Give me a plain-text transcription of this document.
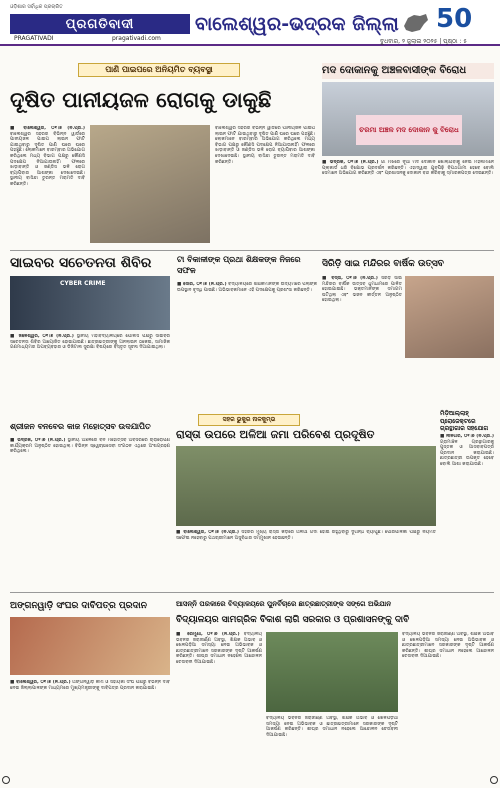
ଓଡ଼ିଶାର ସର୍ବାଧିକ ପ୍ରଚାରିତ
ପ୍ରଗତିବାଦୀ
PRAGATIVADI	pragativadi.com
ବାଲେଶ୍ୱର-ଭଦ୍ରକ ଜିଲ୍ଲା 50
ବୁଧବାର, ୨ ଜୁଲାଇ ୨୦୨୫ | ପୃଷ୍ଠା : ୫
ପାଣି ପାଇପରେ ଅନିୟମିତ ବ୍ୟବସ୍ଥା
ଦୂଷିତ ପାନୀୟଜଳ ରୋଗକୁ ଡାକୁଛି
■ ବାଲେଶ୍ୱର, ୦୧।୭ (ନି.ପ୍ର.) ବାଲେଶ୍ୱର ସହରର ବିଭିନ୍ନ ୱାର୍ଡରେ ପାନୀୟଜଳ ପାଇପ ଲାଇନ ଫାଟି ଯାଇଥିବାରୁ ଦୂଷିତ ପାଣି ଘରେ ଘରେ ପହଞ୍ଚୁଛି। ଲୋକମାନେ ବାରମ୍ବାର ଅଭିଯୋଗ କରିଥିଲେ ମଧ୍ୟ ବିଭାଗ ପକ୍ଷରୁ କୌଣସି ପଦକ୍ଷେପ ନିଆଯାଉନାହିଁ। ଫଳରେ ଝାଡ଼ାବାନ୍ତି ଓ ଜଣ୍ଡିସ ଭଳି ରୋଗ ବ୍ୟାପିବାର ଆଶଙ୍କା ଦେଖାଦେଇଛି। ସ୍ଥାନୀୟ ବାସିନ୍ଦା ତୁରନ୍ତ ମରାମତି ଦାବି କରିଛନ୍ତି।
ବାଲେଶ୍ୱର ସହରର ବିଭିନ୍ନ ୱାର୍ଡରେ ପାନୀୟଜଳ ପାଇପ ଲାଇନ ଫାଟି ଯାଇଥିବାରୁ ଦୂଷିତ ପାଣି ଘରେ ଘରେ ପହଞ୍ଚୁଛି। ଲୋକମାନେ ବାରମ୍ବାର ଅଭିଯୋଗ କରିଥିଲେ ମଧ୍ୟ ବିଭାଗ ପକ୍ଷରୁ କୌଣସି ପଦକ୍ଷେପ ନିଆଯାଉନାହିଁ। ଫଳରେ ଝାଡ଼ାବାନ୍ତି ଓ ଜଣ୍ଡିସ ଭଳି ରୋଗ ବ୍ୟାପିବାର ଆଶଙ୍କା ଦେଖାଦେଇଛି। ସ୍ଥାନୀୟ ବାସିନ୍ଦା ତୁରନ୍ତ ମରାମତି ଦାବି କରିଛନ୍ତି।
ମଦ ଦୋକାନକୁ ଅଞ୍ଚଳବାସୀଙ୍କ ବିରୋଧ
ଚରମା ଅଞ୍ଚଳ ମଦ ଦୋକାନ କୁ ବିରୋଧ
■ ଭଦ୍ରକ, ୦୧।୭ (ନି.ପ୍ର.) ଗାଁ ମଝିରେ ନୂଆ ମଦ ଦୋକାନ ଖୋଲାଯିବାକୁ ନେଇ ମହିଳାମାନେ ପ୍ଲାକାର୍ଡ ଧରି ବିକ୍ଷୋଭ ପ୍ରଦର୍ଶନ କରିଛନ୍ତି। ଏହାଦ୍ୱାରା ଯୁବପିଢ଼ି ବିପଥଗାମୀ ହେବେ ବୋଲି ସେମାନେ ଅଭିଯୋଗ କରିଛନ୍ତି ଏବଂ ପ୍ରଶାସନକୁ ଦୋକାନ ବନ୍ଦ କରିବାକୁ ସ୍ମାରକପତ୍ର ଦେଇଛନ୍ତି।
ସାଇବର ସଚେତନତା ଶିବିର
CYBER CRIME
■ ଜଳେଶ୍ୱର, ୦୧।୭ (ନି.ପ୍ର.) ସ୍ଥାନୀୟ ମହାବିଦ୍ୟାଳୟରେ ପୋଲିସ ପକ୍ଷରୁ ସାଇବର ସଚେତନତା ଶିବିର ଆୟୋଜିତ ହୋଇଯାଇଛି। ଛାତ୍ରଛାତ୍ରୀଙ୍କୁ ଅନଲାଇନ ଠକେଇ, ସାମାଜିକ ଗଣମାଧ୍ୟମର ଅପବ୍ୟବହାର ଓ ଡିଜିଟାଲ ସୁରକ୍ଷା ବିଷୟରେ ବିସ୍ତୃତ ସୂଚନା ଦିଆଯାଇଥିଲା।
ଟା ବିକାଳୀଙ୍କ ପ୍ରଥା ଶିକ୍ଷକଙ୍କ ନିଜରେ ସଫଳ
■ ସୋର, ୦୧।୭ (ନି.ପ୍ର.) ବିଦ୍ୟାଳୟରେ ଶିକ୍ଷକମାନଙ୍କ ଉଦ୍ୟମରେ ପିଲାଙ୍କ ଉପସ୍ଥାନ ବୃଦ୍ଧି ପାଇଛି। ଅଭିଭାବକମାନେ ଏହି ପଦକ୍ଷେପକୁ ପ୍ରଶଂସା କରିଛନ୍ତି।
ସିରିଡ଼ି ସାଇ ମନ୍ଦିରର ବାର୍ଷିକ ଉତ୍ସବ
■ ବସ୍ତା, ୦୧।୭ (ନି.ପ୍ର.) ସିରିଡ଼ି ସାଇ ମନ୍ଦିରର ବାର୍ଷିକ ଉତ୍ସବ ଧୁମଧାମରେ ପାଳିତ ହୋଇଯାଇଛି। ଭକ୍ତମାନଙ୍କ ସମାଗମ ଘଟିଥିଲା ଏବଂ ଭଜନ କୀର୍ତ୍ତନ ଅନୁଷ୍ଠିତ ହୋଇଥିଲା।
ସହର ଭୁକୁର ନାଳକୁମ୍ଭ
ରାସ୍ତା ଉପରେ ଅଳିଆ ଜମା ପରିବେଶ ପ୍ରଦୂଷିତ
■ ବାଲେଶ୍ୱର, ୦୧।୭ (ନି.ପ୍ର.) ସହରର ମୁଖ୍ୟ ରାସ୍ତା କଡ଼ରେ ଅଳିଆ ଗଦା ହୋଇ ରହୁଥିବାରୁ ଦୁର୍ଗନ୍ଧ ବ୍ୟାପୁଛି। ପୌରପାଳିକା ପକ୍ଷରୁ ନିୟମିତ ସଫେଇ ନହେବାରୁ ପଥଚାରୀମାନେ ଅସୁବିଧାର ସମ୍ମୁଖୀନ ହେଉଛନ୍ତି।
ଶ୍ରୀଜନ ବନବେର କାଜ ମହୋତ୍ସବ ଉଦଯାପିତ
■ ଭଦ୍ରକ, ୦୧।୭ (ନି.ପ୍ର.) ସ୍ଥାନୀୟ ଅଞ୍ଚଳରେ ବନ ମହୋତ୍ସବ ଅବସରରେ ଚାରାରୋପଣ କାର୍ଯ୍ୟକ୍ରମ ଅନୁଷ୍ଠିତ ହୋଇଥିଲା। ବିଭିନ୍ନ ସ୍ୱେଚ୍ଛାସେବୀ ସଂଗଠନ ଏଥିରେ ଅଂଶଗ୍ରହଣ କରିଥିଲେ।
ମିଡ଼ିଆଲ୍ଲାହ୍ ପ୍ରୋଜେକ୍ଟରେ ଗ୍ରନ୍ଥାଗାର ସହଯୋଗ
■ ନୀଳଗିରି, ୦୧।୭ (ନି.ପ୍ର.) ଗ୍ରାମାଞ୍ଚଳ ଗ୍ରନ୍ଥାଗାରକୁ ପୁସ୍ତକ ଓ ଆସବାବପତ୍ର ପ୍ରଦାନ କରାଯାଇଛି। ଛାତ୍ରଛାତ୍ରୀ ଉପକୃତ ହେବେ ବୋଲି ଆଶା କରାଯାଉଛି।
ଅଙ୍ଗନୱାଡ଼ି ସଂଘର ଦାବିପତ୍ର ପ୍ରଦାନ
■ ବାଲେଶ୍ୱର, ୦୧।୭ (ନି.ପ୍ର.) ଅଙ୍ଗନୱାଡ଼ି କର୍ମୀ ଓ ସହାୟିକା ସଂଘ ପକ୍ଷରୁ ବିଭିନ୍ନ ଦାବି ନେଇ ଜିଲ୍ଲାପାଳଙ୍କ ମାଧ୍ୟମରେ ମୁଖ୍ୟମନ୍ତ୍ରୀଙ୍କୁ ଦାବିପତ୍ର ପ୍ରଦାନ କରାଯାଇଛି।
ଆସନ୍ନି ପରକାରେ ବିଦ୍ୟାଳୟରେ ପୁନର୍ବିଚାରେ ଛାତ୍ରଛାତ୍ରୀଙ୍କ ସଙ୍ଗେ ଅଭିଯାନ
ବିଦ୍ୟାଳୟର ସାମଗ୍ରିକ ବିକାଶ ଲାଗି ସରକାର ଓ ପ୍ରଶାସନଙ୍କୁ ଦାବି
■ ରେମୁଣା, ୦୧।୭ (ନି.ପ୍ର.) ବିଦ୍ୟାଳୟ ଭବନର ଜରାଜୀର୍ଣ୍ଣ ଅବସ୍ଥା, ଶିକ୍ଷକ ଅଭାବ ଓ ଖେଳପଡ଼ିଆ ସମସ୍ୟା ନେଇ ଅଭିଭାବକ ଓ ଛାତ୍ରଛାତ୍ରୀମାନେ ସରକାରଙ୍କ ଦୃଷ୍ଟି ଆକର୍ଷଣ କରିଛନ୍ତି। ଶୀଘ୍ର ସମାଧାନ ନହେଲେ ଆନ୍ଦୋଳନ ଚେତାବନୀ ଦିଆଯାଇଛି।
ବିଦ୍ୟାଳୟ ଭବନର ଜରାଜୀର୍ଣ୍ଣ ଅବସ୍ଥା, ଶିକ୍ଷକ ଅଭାବ ଓ ଖେଳପଡ଼ିଆ ସମସ୍ୟା ନେଇ ଅଭିଭାବକ ଓ ଛାତ୍ରଛାତ୍ରୀମାନେ ସରକାରଙ୍କ ଦୃଷ୍ଟି ଆକର୍ଷଣ କରିଛନ୍ତି। ଶୀଘ୍ର ସମାଧାନ ନହେଲେ ଆନ୍ଦୋଳନ ଚେତାବନୀ ଦିଆଯାଇଛି।
ବିଦ୍ୟାଳୟ ଭବନର ଜରାଜୀର୍ଣ୍ଣ ଅବସ୍ଥା, ଶିକ୍ଷକ ଅଭାବ ଓ ଖେଳପଡ଼ିଆ ସମସ୍ୟା ନେଇ ଅଭିଭାବକ ଓ ଛାତ୍ରଛାତ୍ରୀମାନେ ସରକାରଙ୍କ ଦୃଷ୍ଟି ଆକର୍ଷଣ କରିଛନ୍ତି। ଶୀଘ୍ର ସମାଧାନ ନହେଲେ ଆନ୍ଦୋଳନ ଚେତାବନୀ ଦିଆଯାଇଛି।
